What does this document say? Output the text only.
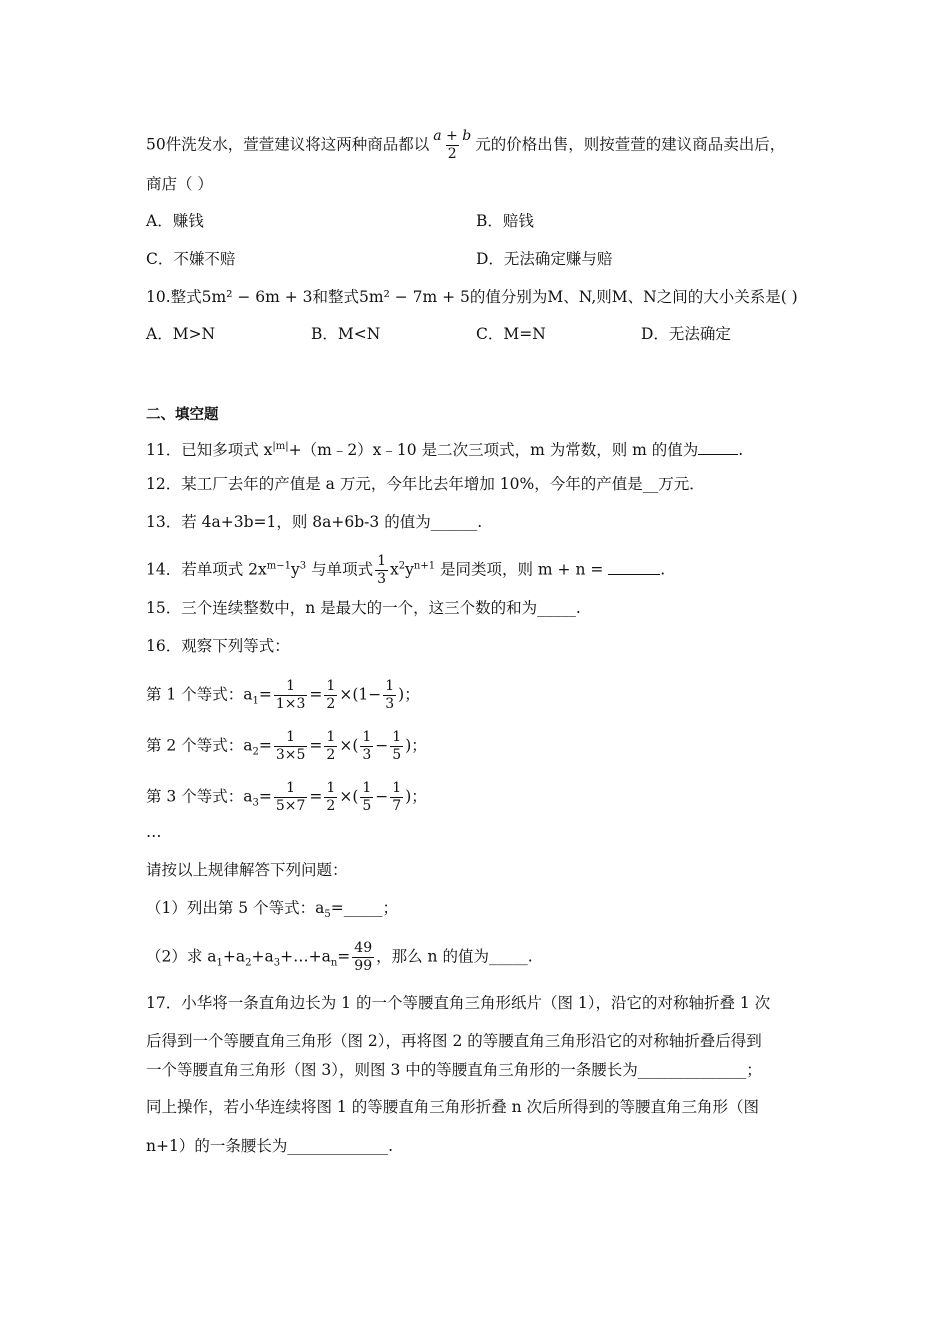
50件洗发水，萱萱建议将这两种商品都以 $\frac{a + b}{2}$ 元的价格出售，则按萱萱的建议商品卖出后，
商店（ ）
A．赚钱	B．赔钱
C．不嫌不赔	D．无法确定赚与赔
10.整式5m² − 6m + 3和整式5m² − 7m + 5的值分别为M、N,则M、N之间的大小关系是( )
A．M>N	B．M<N	C．M=N	D．无法确定
二、填空题
11．已知多项式 $x^{|m|}+(m﹣2)x﹣10$ 是二次三项式，m 为常数，则 m 的值为	.
12．某工厂去年的产值是 a 万元，今年比去年增加 10%，今年的产值是__万元．
13．若 4a+3b=1，则 8a+6b-3 的值为______.
14．若单项式 $2x^{m-1}y^3$ 与单项式 $\frac{1}{3} x^2y^{n+1}$ 是同类项，则 m + n =	.
15．三个连续整数中，n 是最大的一个，这三个数的和为_____.
16．观察下列等式：
第 1 个等式：$a_1= \frac{1}{1\times 3} = \frac{1}{2} \times(1- \frac{1}{3}$ )；
第 2 个等式：$a_2= \frac{1}{3\times 5} = \frac{1}{2}$ ×( $\frac{1}{3} - \frac{1}{5}$ )；
第 3 个等式：$a_3= \frac{1}{5\times 7} = \frac{1}{2}$ ×( $\frac{1}{5} - \frac{1}{7}$ )；
…
请按以上规律解答下列问题：
（1）列出第 5 个等式：$a_5=\_\_\_\_\_$；
（2）求 $a_1+a_2+a_3+\dots+a_n= \frac{49}{99}$ ，那么 n 的值为_____.
17．小华将一条直角边长为 1 的一个等腰直角三角形纸片（图 1），沿它的对称轴折叠 1 次
后得到一个等腰直角三角形（图 2），再将图 2 的等腰直角三角形沿它的对称轴折叠后得到
一个等腰直角三角形（图 3），则图 3 中的等腰直角三角形的一条腰长为______________；
同上操作，若小华连续将图 1 的等腰直角三角形折叠 n 次后所得到的等腰直角三角形（图
n+1）的一条腰长为_____________.
